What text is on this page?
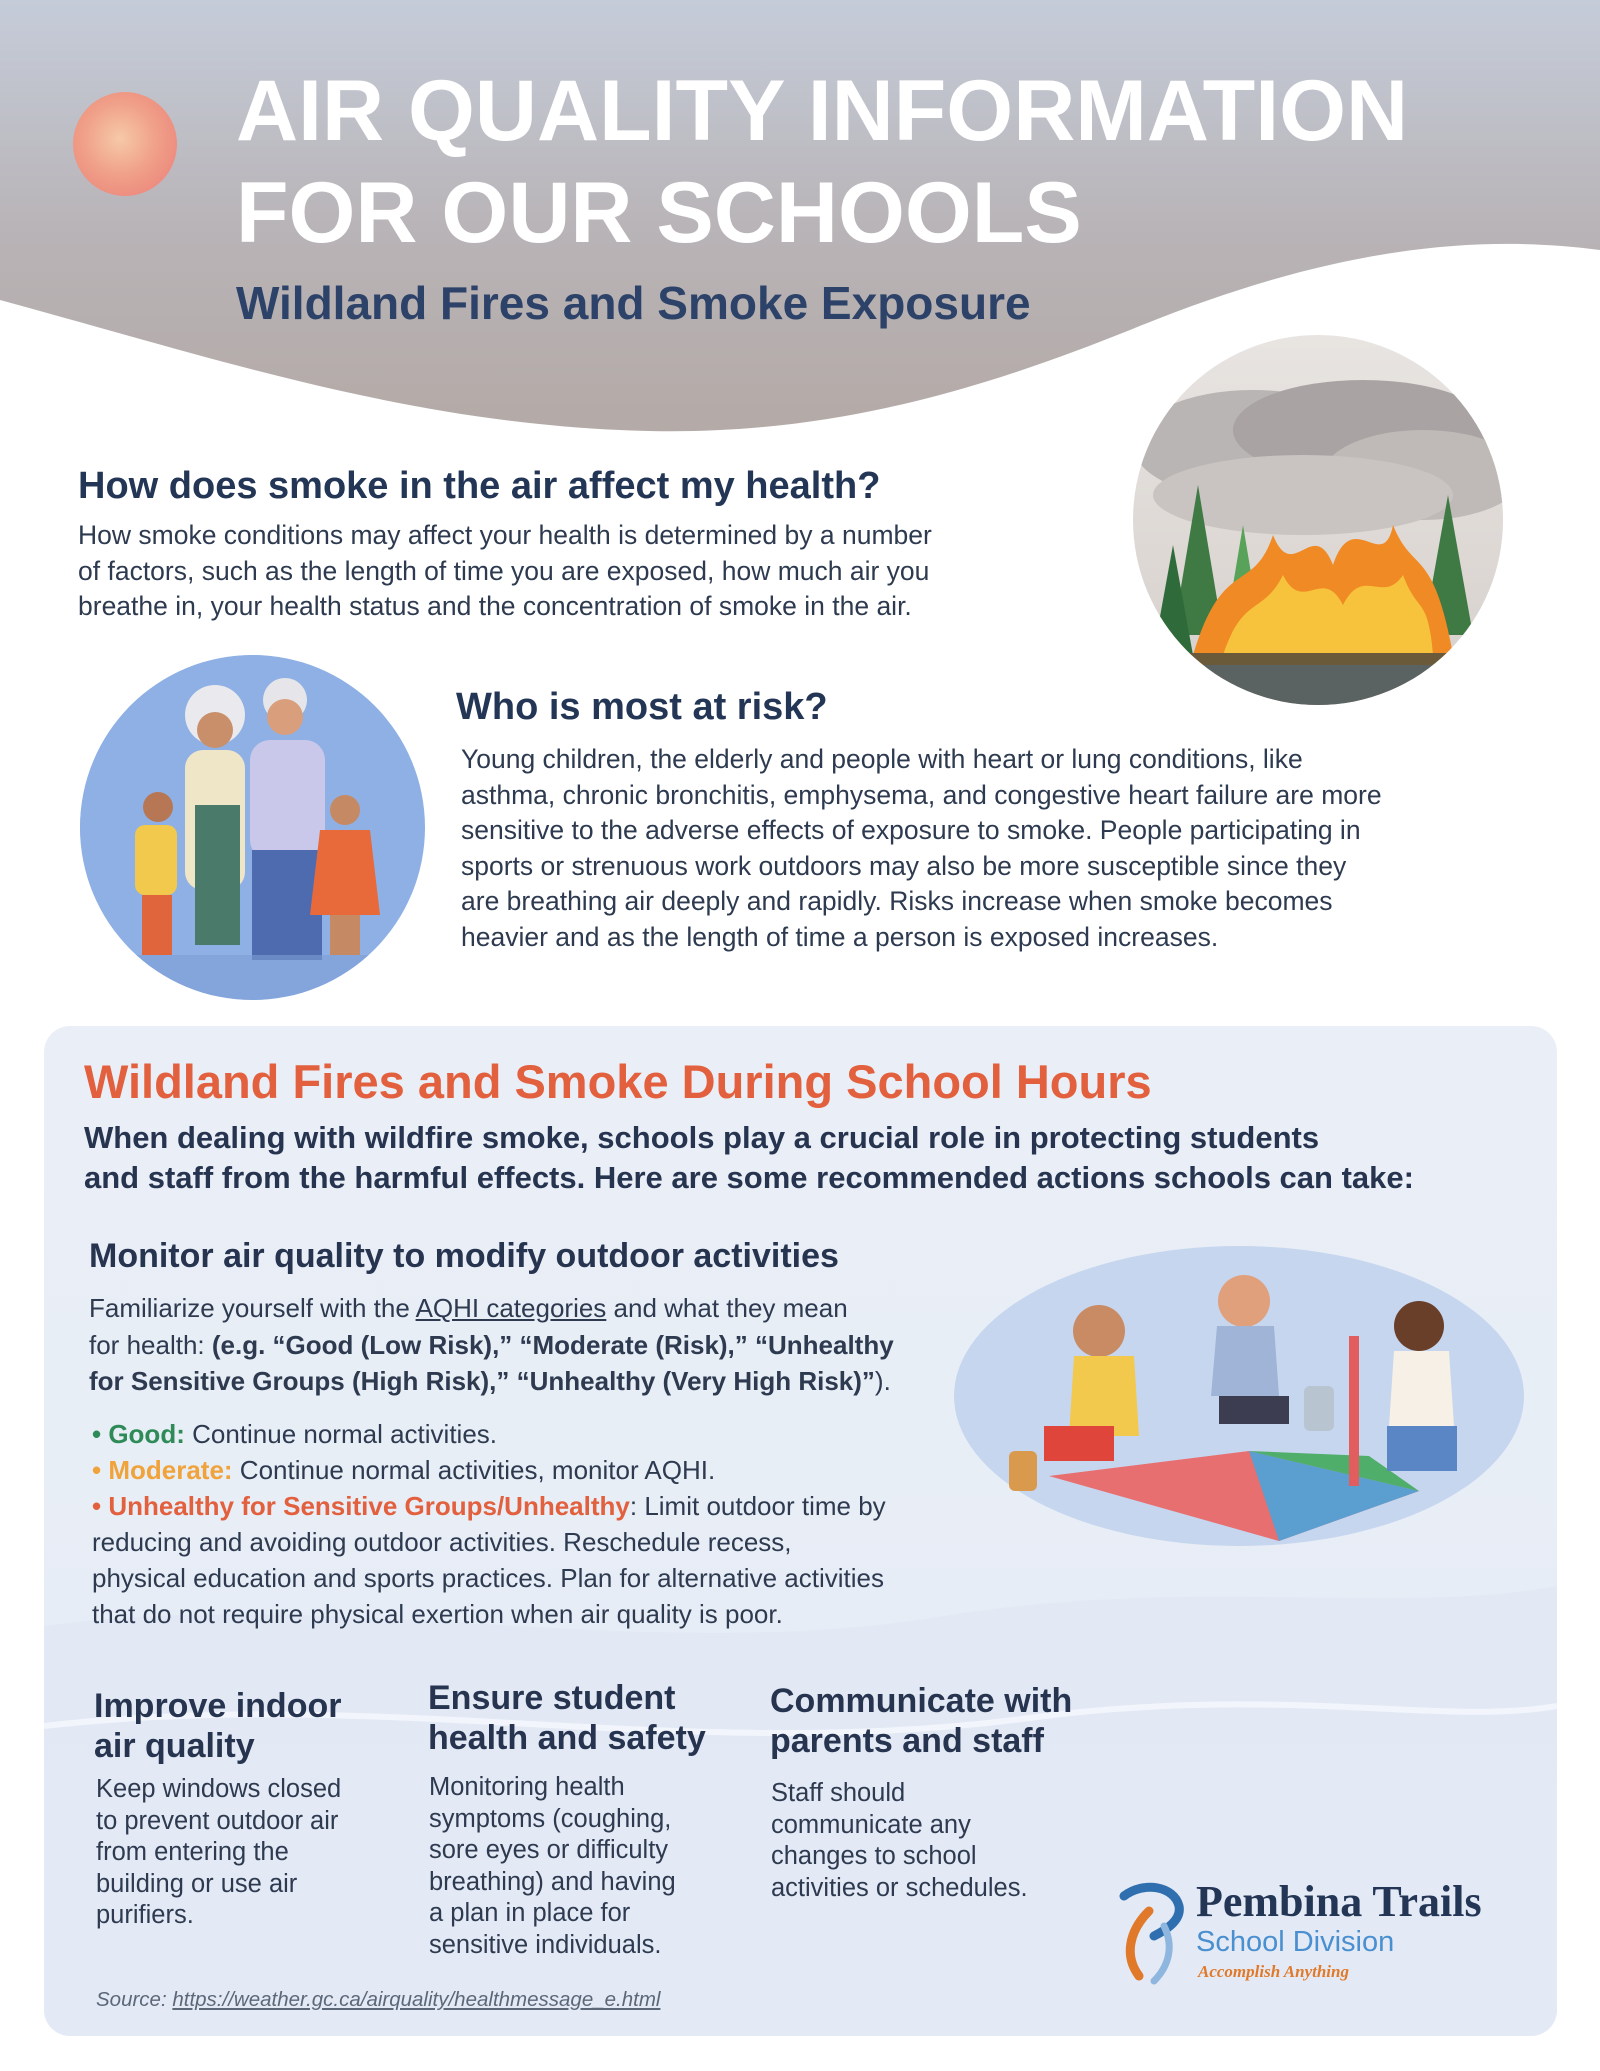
AIR QUALITY INFORMATION
FOR OUR SCHOOLS
Wildland Fires and Smoke Exposure
How does smoke in the air affect my health?
How smoke conditions may affect your health is determined by a number
of factors, such as the length of time you are exposed, how much air you
breathe in, your health status and the concentration of smoke in the air.
Who is most at risk?
Young children, the elderly and people with heart or lung conditions, like
asthma, chronic bronchitis, emphysema, and congestive heart failure are more
sensitive to the adverse effects of exposure to smoke. People participating in
sports or strenuous work outdoors may also be more susceptible since they
are breathing air deeply and rapidly. Risks increase when smoke becomes
heavier and as the length of time a person is exposed increases.
Wildland Fires and Smoke During School Hours
When dealing with wildfire smoke, schools play a crucial role in protecting students
and staff from the harmful effects. Here are some recommended actions schools can take:
Monitor air quality to modify outdoor activities
Familiarize yourself with the AQHI categories and what they mean
for health: (e.g. “Good (Low Risk),” “Moderate (Risk),” “Unhealthy
for Sensitive Groups (High Risk),” “Unhealthy (Very High Risk)”).
• Good: Continue normal activities.
• Moderate: Continue normal activities, monitor AQHI.
• Unhealthy for Sensitive Groups/Unhealthy: Limit outdoor time by
reducing and avoiding outdoor activities. Reschedule recess,
physical education and sports practices. Plan for alternative activities
that do not require physical exertion when air quality is poor.
Improve indoor
air quality
Keep windows closed
to prevent outdoor air
from entering the
building or use air
purifiers.
Ensure student
health and safety
Monitoring health
symptoms (coughing,
sore eyes or difficulty
breathing) and having
a plan in place for
sensitive individuals.
Communicate with
parents and staff
Staff should
communicate any
changes to school
activities or schedules.	Pembina Trails
School Division
Accomplish Anything
Source: https://weather.gc.ca/airquality/healthmessage_e.html
